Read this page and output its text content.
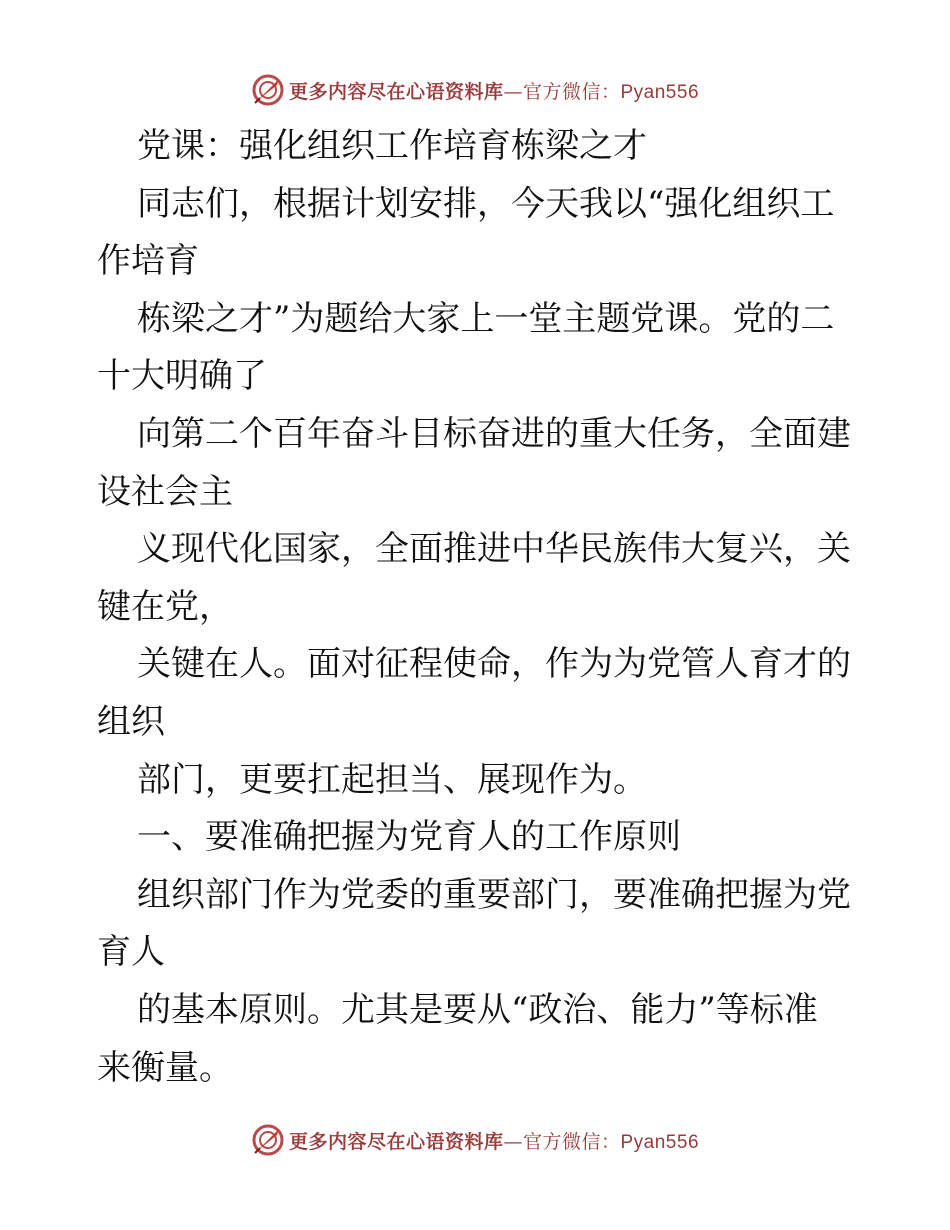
更多内容尽在心语资料库—官方微信：Pyan556
党课：强化组织工作培育栋梁之才
同志们，根据计划安排，今天我以“强化组织工
作培育
栋梁之才”为题给大家上一堂主题党课。党的二
十大明确了
向第二个百年奋斗目标奋进的重大任务，全面建
设社会主
义现代化国家，全面推进中华民族伟大复兴，关
键在党，
关键在人。面对征程使命，作为为党管人育才的
组织
部门，更要扛起担当、展现作为。
一、要准确把握为党育人的工作原则
组织部门作为党委的重要部门，要准确把握为党
育人
的基本原则。尤其是要从“政治、能力”等标准
来衡量。
更多内容尽在心语资料库—官方微信：Pyan556
